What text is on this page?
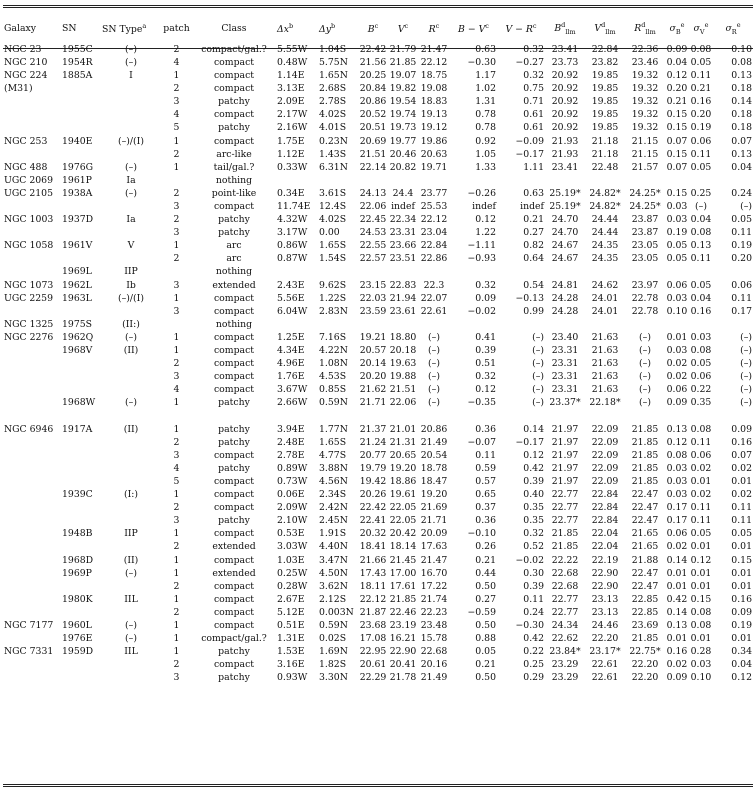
Galaxy	SN	SN Type$^a$	patch	Class	$\Delta x^b$	$\Delta y^b$	$B^c$	$V^c$	$R^c$	$B - V^c$	$V - R^c$	$B^d_{llm}$	$V^d_{llm}$	$R^d_{llm}$	$\sigma_B^e$	$\sigma_V^e$	$\sigma_R^e$
NGC 23	1955C	(–)	2	compact/gal.?	5.55W	1.04S	22.42	21.79	21.47	0.63	0.32	23.41	22.84	22.36	0.09	0.08	0.10
NGC 210	1954R	(–)	4	compact	0.48W	5.75N	21.56	21.85	22.12	−0.30	−0.27	23.73	23.82	23.46	0.04	0.05	0.08
NGC 224	1885A	I	1	compact	1.14E	1.65N	20.25	19.07	18.75	1.17	0.32	20.92	19.85	19.32	0.12	0.11	0.13
(M31)			2	compact	3.13E	2.68S	20.84	19.82	19.08	1.02	0.75	20.92	19.85	19.32	0.20	0.21	0.18
			3	patchy	2.09E	2.78S	20.86	19.54	18.83	1.31	0.71	20.92	19.85	19.32	0.21	0.16	0.14
			4	compact	2.17W	4.02S	20.52	19.74	19.13	0.78	0.61	20.92	19.85	19.32	0.15	0.20	0.18
			5	patchy	2.16W	4.01S	20.51	19.73	19.12	0.78	0.61	20.92	19.85	19.32	0.15	0.19	0.18
NGC 253	1940E	(–)/(I)	1	compact	1.75E	0.23N	20.69	19.77	19.86	0.92	−0.09	21.93	21.18	21.15	0.07	0.06	0.07
			2	arc-like	1.12E	1.43S	21.51	20.46	20.63	1.05	−0.17	21.93	21.18	21.15	0.15	0.11	0.13
NGC 488	1976G	(–)	1	tail/gal.?	0.33W	6.31N	22.14	20.82	19.71	1.33	1.11	23.41	22.48	21.57	0.07	0.05	0.04
UGC 2069	1961P	Ia		nothing													
UGC 2105	1938A	(–)	2	point-like	0.34E	3.61S	24.13	24.4	23.77	−0.26	0.63	25.19*	24.82*	24.25*	0.15	0.25	0.24
			3	compact	11.74E	12.4S	22.06	indef	25.53	indef	indef	25.19*	24.82*	24.25*	0.03	(–)	(–)
NGC 1003	1937D	Ia	2	patchy	4.32W	4.02S	22.45	22.34	22.12	0.12	0.21	24.70	24.44	23.87	0.03	0.04	0.05
			3	patchy	3.17W	0.00	24.53	23.31	23.04	1.22	0.27	24.70	24.44	23.87	0.19	0.08	0.11
NGC 1058	1961V	V	1	arc	0.86W	1.65S	22.55	23.66	22.84	−1.11	0.82	24.67	24.35	23.05	0.05	0.13	0.19
			2	arc	0.87W	1.54S	22.57	23.51	22.86	−0.93	0.64	24.67	24.35	23.05	0.05	0.11	0.20
	1969L	IIP		nothing													
NGC 1073	1962L	Ib	3	extended	2.43E	9.62S	23.15	22.83	22.3	0.32	0.54	24.81	24.62	23.97	0.06	0.05	0.06
UGC 2259	1963L	(–)/(I)	1	compact	5.56E	1.22S	22.03	21.94	22.07	0.09	−0.13	24.28	24.01	22.78	0.03	0.04	0.11
			3	compact	6.04W	2.83N	23.59	23.61	22.61	−0.02	0.99	24.28	24.01	22.78	0.10	0.16	0.17
NGC 1325	1975S	(II:)		nothing													
NGC 2276	1962Q	(–)	1	compact	1.25E	7.16S	19.21	18.80	(–)	0.41	(–)	23.40	21.63	(–)	0.01	0.03	(–)
	1968V	(II)	1	compact	4.34E	4.22N	20.57	20.18	(–)	0.39	(–)	23.31	21.63	(–)	0.03	0.08	(–)
			2	compact	4.96E	1.08N	20.14	19.63	(–)	0.51	(–)	23.31	21.63	(–)	0.02	0.05	(–)
			3	compact	1.76E	4.53S	20.20	19.88	(–)	0.32	(–)	23.31	21.63	(–)	0.02	0.06	(–)
			4	compact	3.67W	0.85S	21.62	21.51	(–)	0.12	(–)	23.31	21.63	(–)	0.06	0.22	(–)
	1968W	(–)	1	patchy	2.66W	0.59N	21.71	22.06	(–)	−0.35	(–)	23.37*	22.18*	(–)	0.09	0.35	(–)

NGC 6946	1917A	(II)	1	patchy	3.94E	1.77N	21.37	21.01	20.86	0.36	0.14	21.97	22.09	21.85	0.13	0.08	0.09
			2	patchy	2.48E	1.65S	21.24	21.31	21.49	−0.07	−0.17	21.97	22.09	21.85	0.12	0.11	0.16
			3	compact	2.78E	4.77S	20.77	20.65	20.54	0.11	0.12	21.97	22.09	21.85	0.08	0.06	0.07
			4	patchy	0.89W	3.88N	19.79	19.20	18.78	0.59	0.42	21.97	22.09	21.85	0.03	0.02	0.02
			5	compact	0.73W	4.56N	19.42	18.86	18.47	0.57	0.39	21.97	22.09	21.85	0.03	0.01	0.01
	1939C	(I:)	1	compact	0.06E	2.34S	20.26	19.61	19.20	0.65	0.40	22.77	22.84	22.47	0.03	0.02	0.02
			2	compact	2.09W	2.42N	22.42	22.05	21.69	0.37	0.35	22.77	22.84	22.47	0.17	0.11	0.11
			3	patchy	2.10W	2.45N	22.41	22.05	21.71	0.36	0.35	22.77	22.84	22.47	0.17	0.11	0.11
	1948B	IIP	1	compact	0.53E	1.91S	20.32	20.42	20.09	−0.10	0.32	21.85	22.04	21.65	0.06	0.05	0.05
			2	extended	3.03W	4.40N	18.41	18.14	17.63	0.26	0.52	21.85	22.04	21.65	0.02	0.01	0.01
	1968D	(II)	1	compact	1.03E	3.47N	21.66	21.45	21.47	0.21	−0.02	22.22	22.19	21.88	0.14	0.12	0.15
	1969P	(–)	1	extended	0.25W	4.50N	17.43	17.00	16.70	0.44	0.30	22.68	22.90	22.47	0.01	0.01	0.01
			2	compact	0.28W	3.62N	18.11	17.61	17.22	0.50	0.39	22.68	22.90	22.47	0.01	0.01	0.01
	1980K	IIL	1	compact	2.67E	2.12S	22.12	21.85	21.74	0.27	0.11	22.77	23.13	22.85	0.42	0.15	0.16
			2	compact	5.12E	0.003N	21.87	22.46	22.23	−0.59	0.24	22.77	23.13	22.85	0.14	0.08	0.09
NGC 7177	1960L	(–)	1	compact	0.51E	0.59N	23.68	23.19	23.48	0.50	−0.30	24.34	24.46	23.69	0.13	0.08	0.19
	1976E	(–)	1	compact/gal.?	1.31E	0.02S	17.08	16.21	15.78	0.88	0.42	22.62	22.20	21.85	0.01	0.01	0.01
NGC 7331	1959D	IIL	1	patchy	1.53E	1.69N	22.95	22.90	22.68	0.05	0.22	23.84*	23.17*	22.75*	0.16	0.28	0.34
			2	compact	3.16E	1.82S	20.61	20.41	20.16	0.21	0.25	23.29	22.61	22.20	0.02	0.03	0.04
			3	patchy	0.93W	3.30N	22.29	21.78	21.49	0.50	0.29	23.29	22.61	22.20	0.09	0.10	0.12
